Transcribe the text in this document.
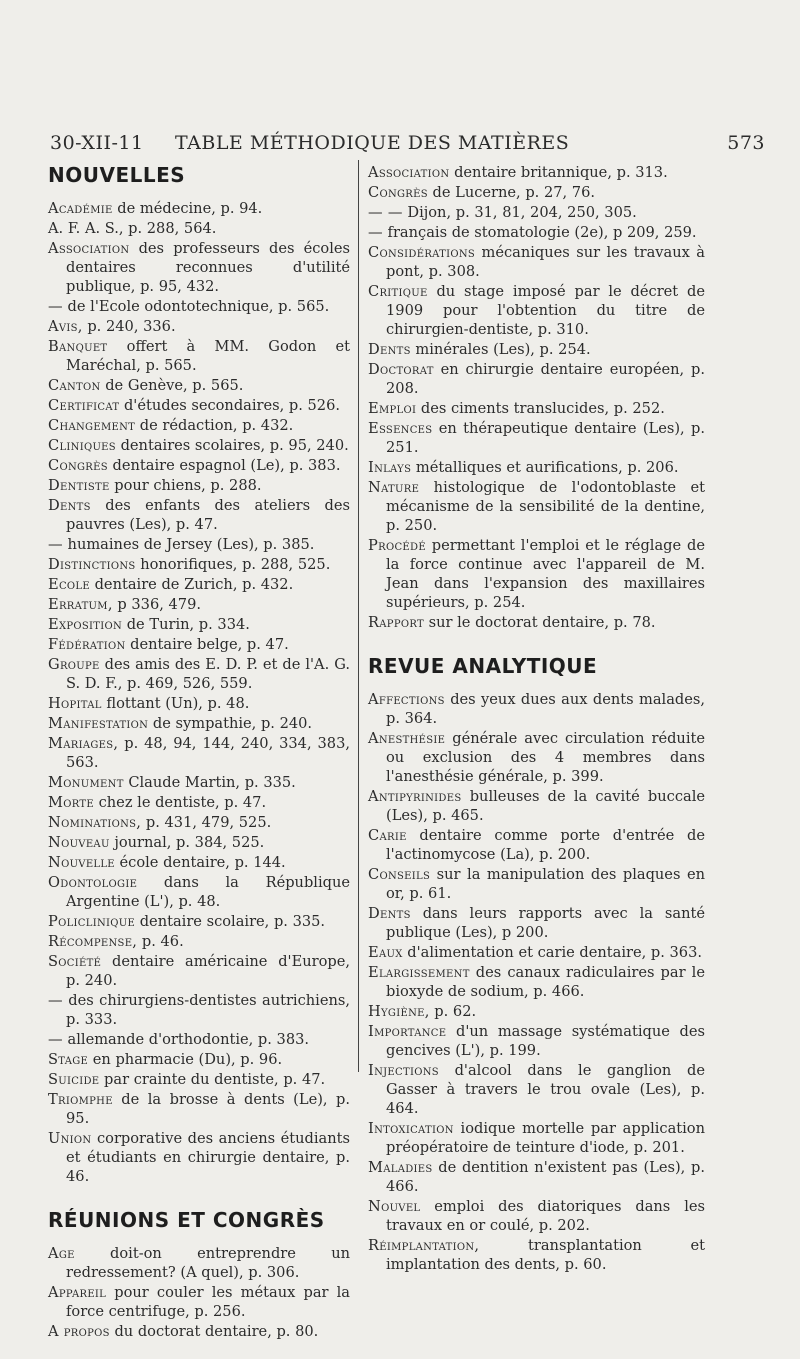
30-XII-11 TABLE MÉTHODIQUE DES MATIÈRES	573
NOUVELLES
Académie de médecine, p. 94.
A. F. A. S., p. 288, 564.
Association des professeurs des écoles dentaires reconnues d'utilité publique, p. 95, 432.
— de l'Ecole odontotechnique, p. 565.
Avis, p. 240, 336.
Banquet offert à MM. Godon et Maréchal, p. 565.
Canton de Genève, p. 565.
Certificat d'études secondaires, p. 526.
Changement de rédaction, p. 432.
Cliniques dentaires scolaires, p. 95, 240.
Congrès dentaire espagnol (Le), p. 383.
Dentiste pour chiens, p. 288.
Dents des enfants des ateliers des pauvres (Les), p. 47.
— humaines de Jersey (Les), p. 385.
Distinctions honorifiques, p. 288, 525.
Ecole dentaire de Zurich, p. 432.
Erratum, p 336, 479.
Exposition de Turin, p. 334.
Fédération dentaire belge, p. 47.
Groupe des amis des E. D. P. et de l'A. G. S. D. F., p. 469, 526, 559.
Hopital flottant (Un), p. 48.
Manifestation de sympathie, p. 240.
Mariages, p. 48, 94, 144, 240, 334, 383, 563.
Monument Claude Martin, p. 335.
Morte chez le dentiste, p. 47.
Nominations, p. 431, 479, 525.
Nouveau journal, p. 384, 525.
Nouvelle école dentaire, p. 144.
Odontologie dans la République Argentine (L'), p. 48.
Policlinique dentaire scolaire, p. 335.
Récompense, p. 46.
Société dentaire américaine d'Europe, p. 240.
— des chirurgiens-dentistes autrichiens, p. 333.
— allemande d'orthodontie, p. 383.
Stage en pharmacie (Du), p. 96.
Suicide par crainte du dentiste, p. 47.
Triomphe de la brosse à dents (Le), p. 95.
Union corporative des anciens étudiants et étudiants en chirurgie dentaire, p. 46.
RÉUNIONS ET CONGRÈS
Age doit-on entreprendre un redressement? (A quel), p. 306.
Appareil pour couler les métaux par la force centrifuge, p. 256.
A propos du doctorat dentaire, p. 80.
Association dentaire britannique, p. 313.
Congrès de Lucerne, p. 27, 76.
— — Dijon, p. 31, 81, 204, 250, 305.
— français de stomatologie (2e), p 209, 259.
Considérations mécaniques sur les travaux à pont, p. 308.
Critique du stage imposé par le décret de 1909 pour l'obtention du titre de chirurgien-dentiste, p. 310.
Dents minérales (Les), p. 254.
Doctorat en chirurgie dentaire européen, p. 208.
Emploi des ciments translucides, p. 252.
Essences en thérapeutique dentaire (Les), p. 251.
Inlays métalliques et aurifications, p. 206.
Nature histologique de l'odontoblaste et mécanisme de la sensibilité de la dentine, p. 250.
Procédé permettant l'emploi et le réglage de la force continue avec l'appareil de M. Jean dans l'expansion des maxillaires supérieurs, p. 254.
Rapport sur le doctorat dentaire, p. 78.
REVUE ANALYTIQUE
Affections des yeux dues aux dents malades, p. 364.
Anesthésie générale avec circulation réduite ou exclusion des 4 membres dans l'anesthésie générale, p. 399.
Antipyrinides bulleuses de la cavité buccale (Les), p. 465.
Carie dentaire comme porte d'entrée de l'actinomycose (La), p. 200.
Conseils sur la manipulation des plaques en or, p. 61.
Dents dans leurs rapports avec la santé publique (Les), p 200.
Eaux d'alimentation et carie dentaire, p. 363.
Elargissement des canaux radiculaires par le bioxyde de sodium, p. 466.
Hygiène, p. 62.
Importance d'un massage systématique des gencives (L'), p. 199.
Injections d'alcool dans le ganglion de Gasser à travers le trou ovale (Les), p. 464.
Intoxication iodique mortelle par application préopératoire de teinture d'iode, p. 201.
Maladies de dentition n'existent pas (Les), p. 466.
Nouvel emploi des diatoriques dans les travaux en or coulé, p. 202.
Réimplantation,	transplantation et implantation des dents, p. 60.
